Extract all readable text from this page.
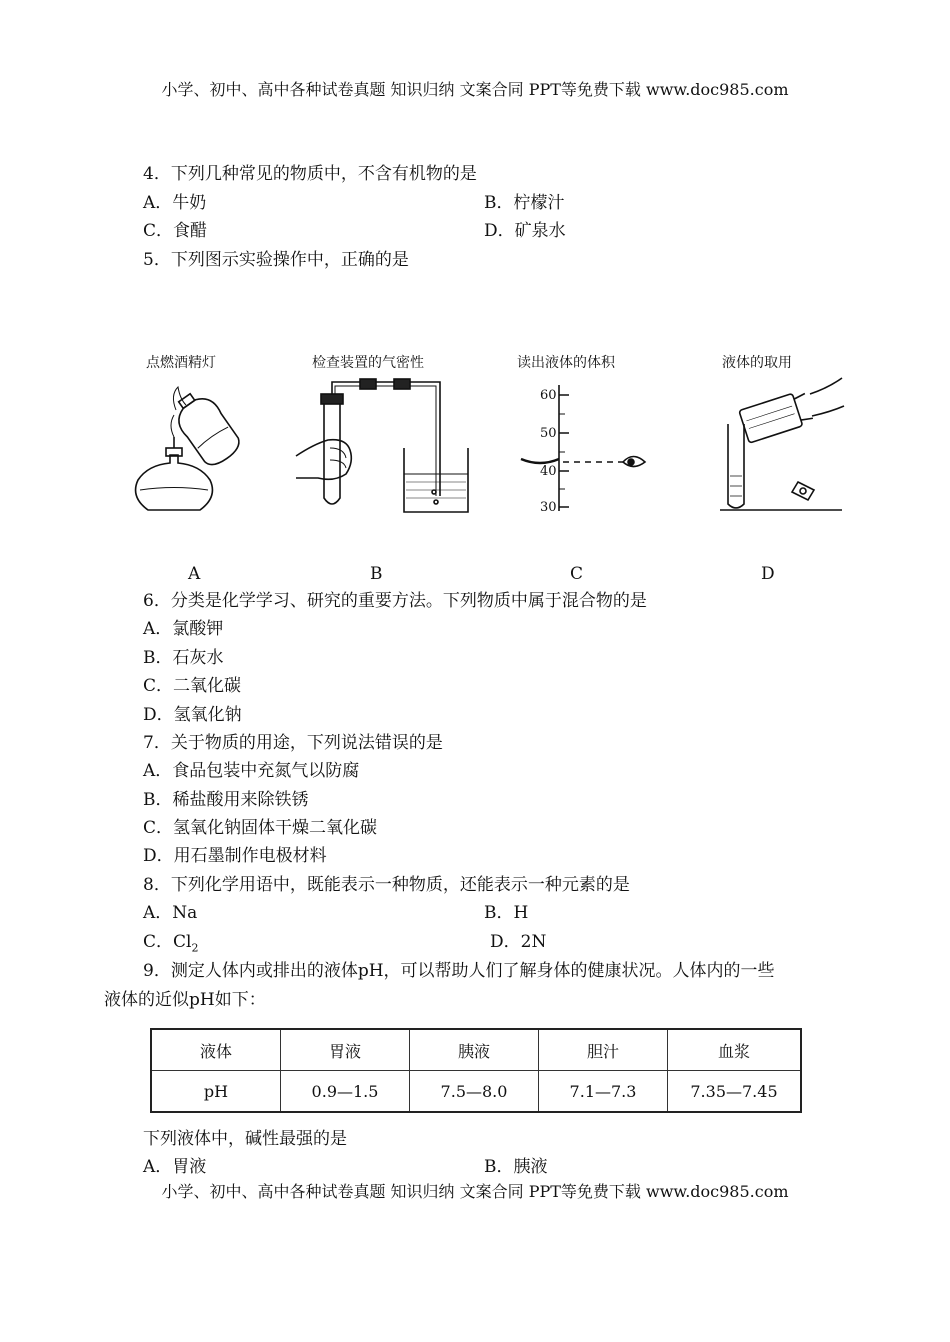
小学、初中、高中各种试卷真题 知识归纳 文案合同 PPT等免费下载 www.doc985.com
4．下列几种常见的物质中，不含有机物的是
A．牛奶	B．柠檬汁
C．食醋	D．矿泉水
5．下列图示实验操作中，正确的是
点燃酒精灯	检查装置的气密性	读出液体的体积	液体的取用
60
50
40
30
A	B	C	D
6．分类是化学学习、研究的重要方法。下列物质中属于混合物的是
A．氯酸钾
B．石灰水
C．二氧化碳
D．氢氧化钠
7．关于物质的用途，下列说法错误的是
A．食品包装中充氮气以防腐
B．稀盐酸用来除铁锈
C．氢氧化钠固体干燥二氧化碳
D．用石墨制作电极材料
8．下列化学用语中，既能表示一种物质，还能表示一种元素的是
A．Na	B．H
C．$Cl_2$	D．2N
9．测定人体内或排出的液体pH，可以帮助人们了解身体的健康状况。人体内的一些
液体的近似pH如下：
液体	胃液	胰液	胆汁	血浆
pH	0.9—1.5	7.5—8.0	7.1—7.3	7.35—7.45
下列液体中，碱性最强的是
A．胃液	B．胰液
小学、初中、高中各种试卷真题 知识归纳 文案合同 PPT等免费下载 www.doc985.com
